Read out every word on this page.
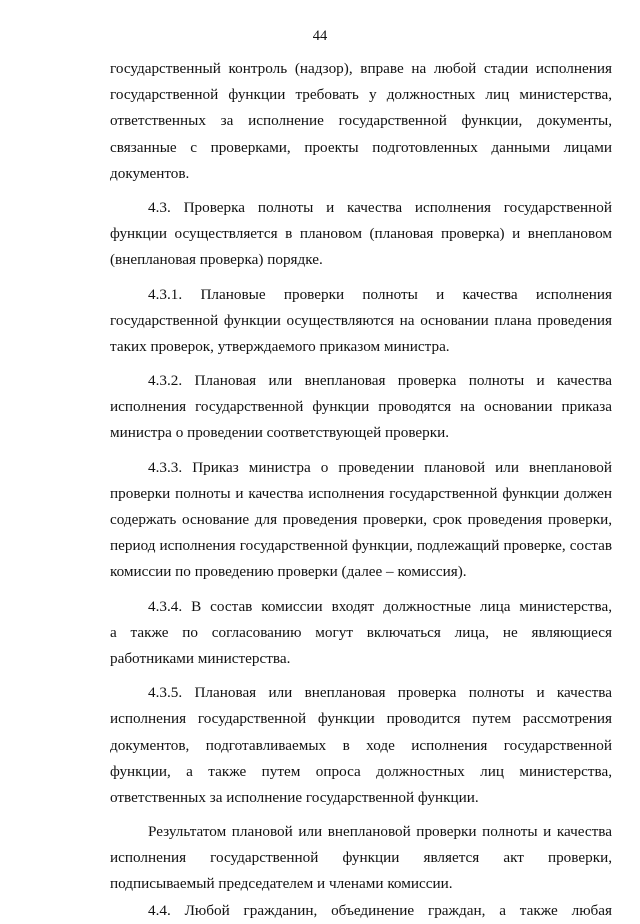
44
государственный контроль (надзор), вправе на любой стадии исполнения
государственной функции требовать у должностных лиц министерства,
ответственных за исполнение государственной функции, документы,
связанные с проверками, проекты подготовленных данными лицами
документов.
4.3. Проверка полноты и качества исполнения государственной
функции осуществляется в плановом (плановая проверка) и внеплановом
(внеплановая проверка) порядке.
4.3.1. Плановые проверки полноты и качества исполнения
государственной функции осуществляются на основании плана проведения
таких проверок, утверждаемого приказом министра.
4.3.2. Плановая или внеплановая проверка полноты и качества
исполнения государственной функции проводятся на основании приказа
министра о проведении соответствующей проверки.
4.3.3. Приказ министра о проведении плановой или внеплановой
проверки полноты и качества исполнения государственной функции должен
содержать основание для проведения проверки, срок проведения проверки,
период исполнения государственной функции, подлежащий проверке, состав
комиссии по проведению проверки (далее – комиссия).
4.3.4. В состав комиссии входят должностные лица министерства,
а также по согласованию могут включаться лица, не являющиеся
работниками министерства.
4.3.5. Плановая или внеплановая проверка полноты и качества
исполнения государственной функции проводится путем рассмотрения
документов, подготавливаемых в ходе исполнения государственной
функции, а также путем опроса должностных лиц министерства,
ответственных за исполнение государственной функции.
Результатом плановой или внеплановой проверки полноты и качества
исполнения государственной функции является акт проверки,
подписываемый председателем и членами комиссии.
4.4. Любой гражданин, объединение граждан, а также любая
